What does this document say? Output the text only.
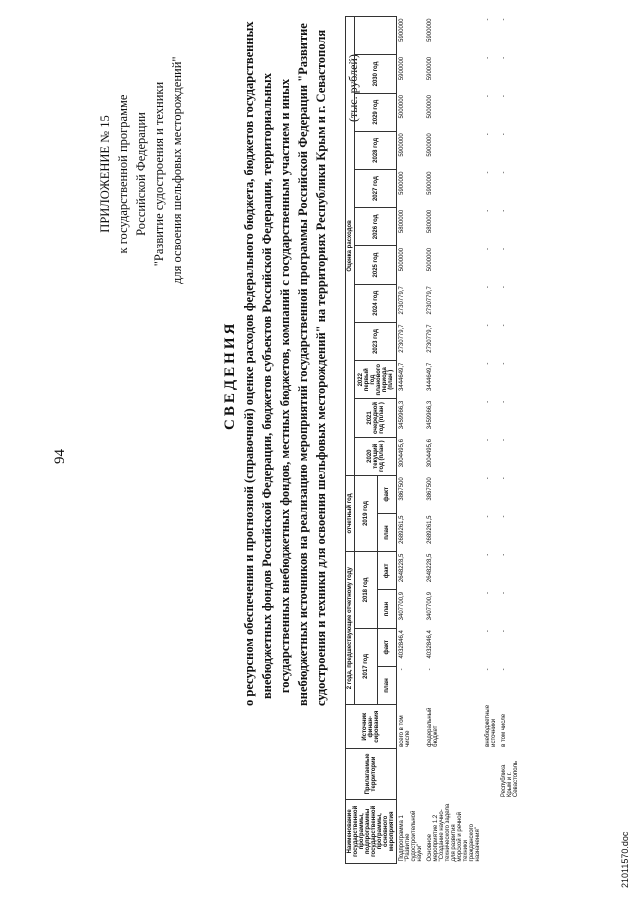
94
ПРИЛОЖЕНИЕ № 15 к государственной программе Российской Федерации "Развитие судостроения и техники для освоения шельфовых месторождений"
СВЕДЕНИЯ о ресурсном обеспечении и прогнозной (справочной) оценке расходов федерального бюджета, бюджетов государственных внебюджетных фондов Российской Федерации, бюджетов субъектов Российской Федерации, территориальных государственных внебюджетных фондов, местных бюджетов, компаний с государственным участием и иных внебюджетных источников на реализацию мероприятий государственной программы Российской Федерации "Развитие судостроения и техники для освоения шельфовых месторождений" на территориях Республики Крым и г. Севастополя (тыс. рублей)
Наименование государственной программы, подпрограммы государственной программы, основного мероприятия	Прилагаемые территории	Источник финан-сирования	2 года, предшествующие отчетному году				отчетный год		Оценка расходов											
			2017 год		2018 год		2019 год		2020 текущий год (план )	2021 очередной год (план )	2022 первый год планового периода (план )	2023 год	2024 год	2025 год	2026 год	2027 год	2028 год	2029 год	2030 год	
			план	факт	план	факт	план	факт												
Подпрограмма 1 "Развитие судостроительной науки"		всего в том числе	-	4032846,4	3407700,9	2648228,5	2689261,5	3867500	3004495,6	3459966,3	3444649,7	2730779,7	2730779,7	5000000	5800000	5900000	5900000	5000000	5900000	5900000
Основное мероприятие 1.2 "Создание научно-технического задела для развития морской и речной техники гражданского назначения"		федеральный бюджет	-	4032846,4	3407700,9	2648228,5	2689261,5	3867500	3004495,6	3459966,3	3444649,7	2730779,7	2730779,7	5000000	5800000	5900000	5900000	5000000	5900000	5900000
		внебюджетные источники	-	-	-	-	-	-	-	-	-	-	-	-	-	-	-	-	-	-
	Республика Крым и г. Севастополь	в том числе	-	-	-	-	-	-	-	-	-	-	-	-	-	-	-	-	-	-
21011570.doc
